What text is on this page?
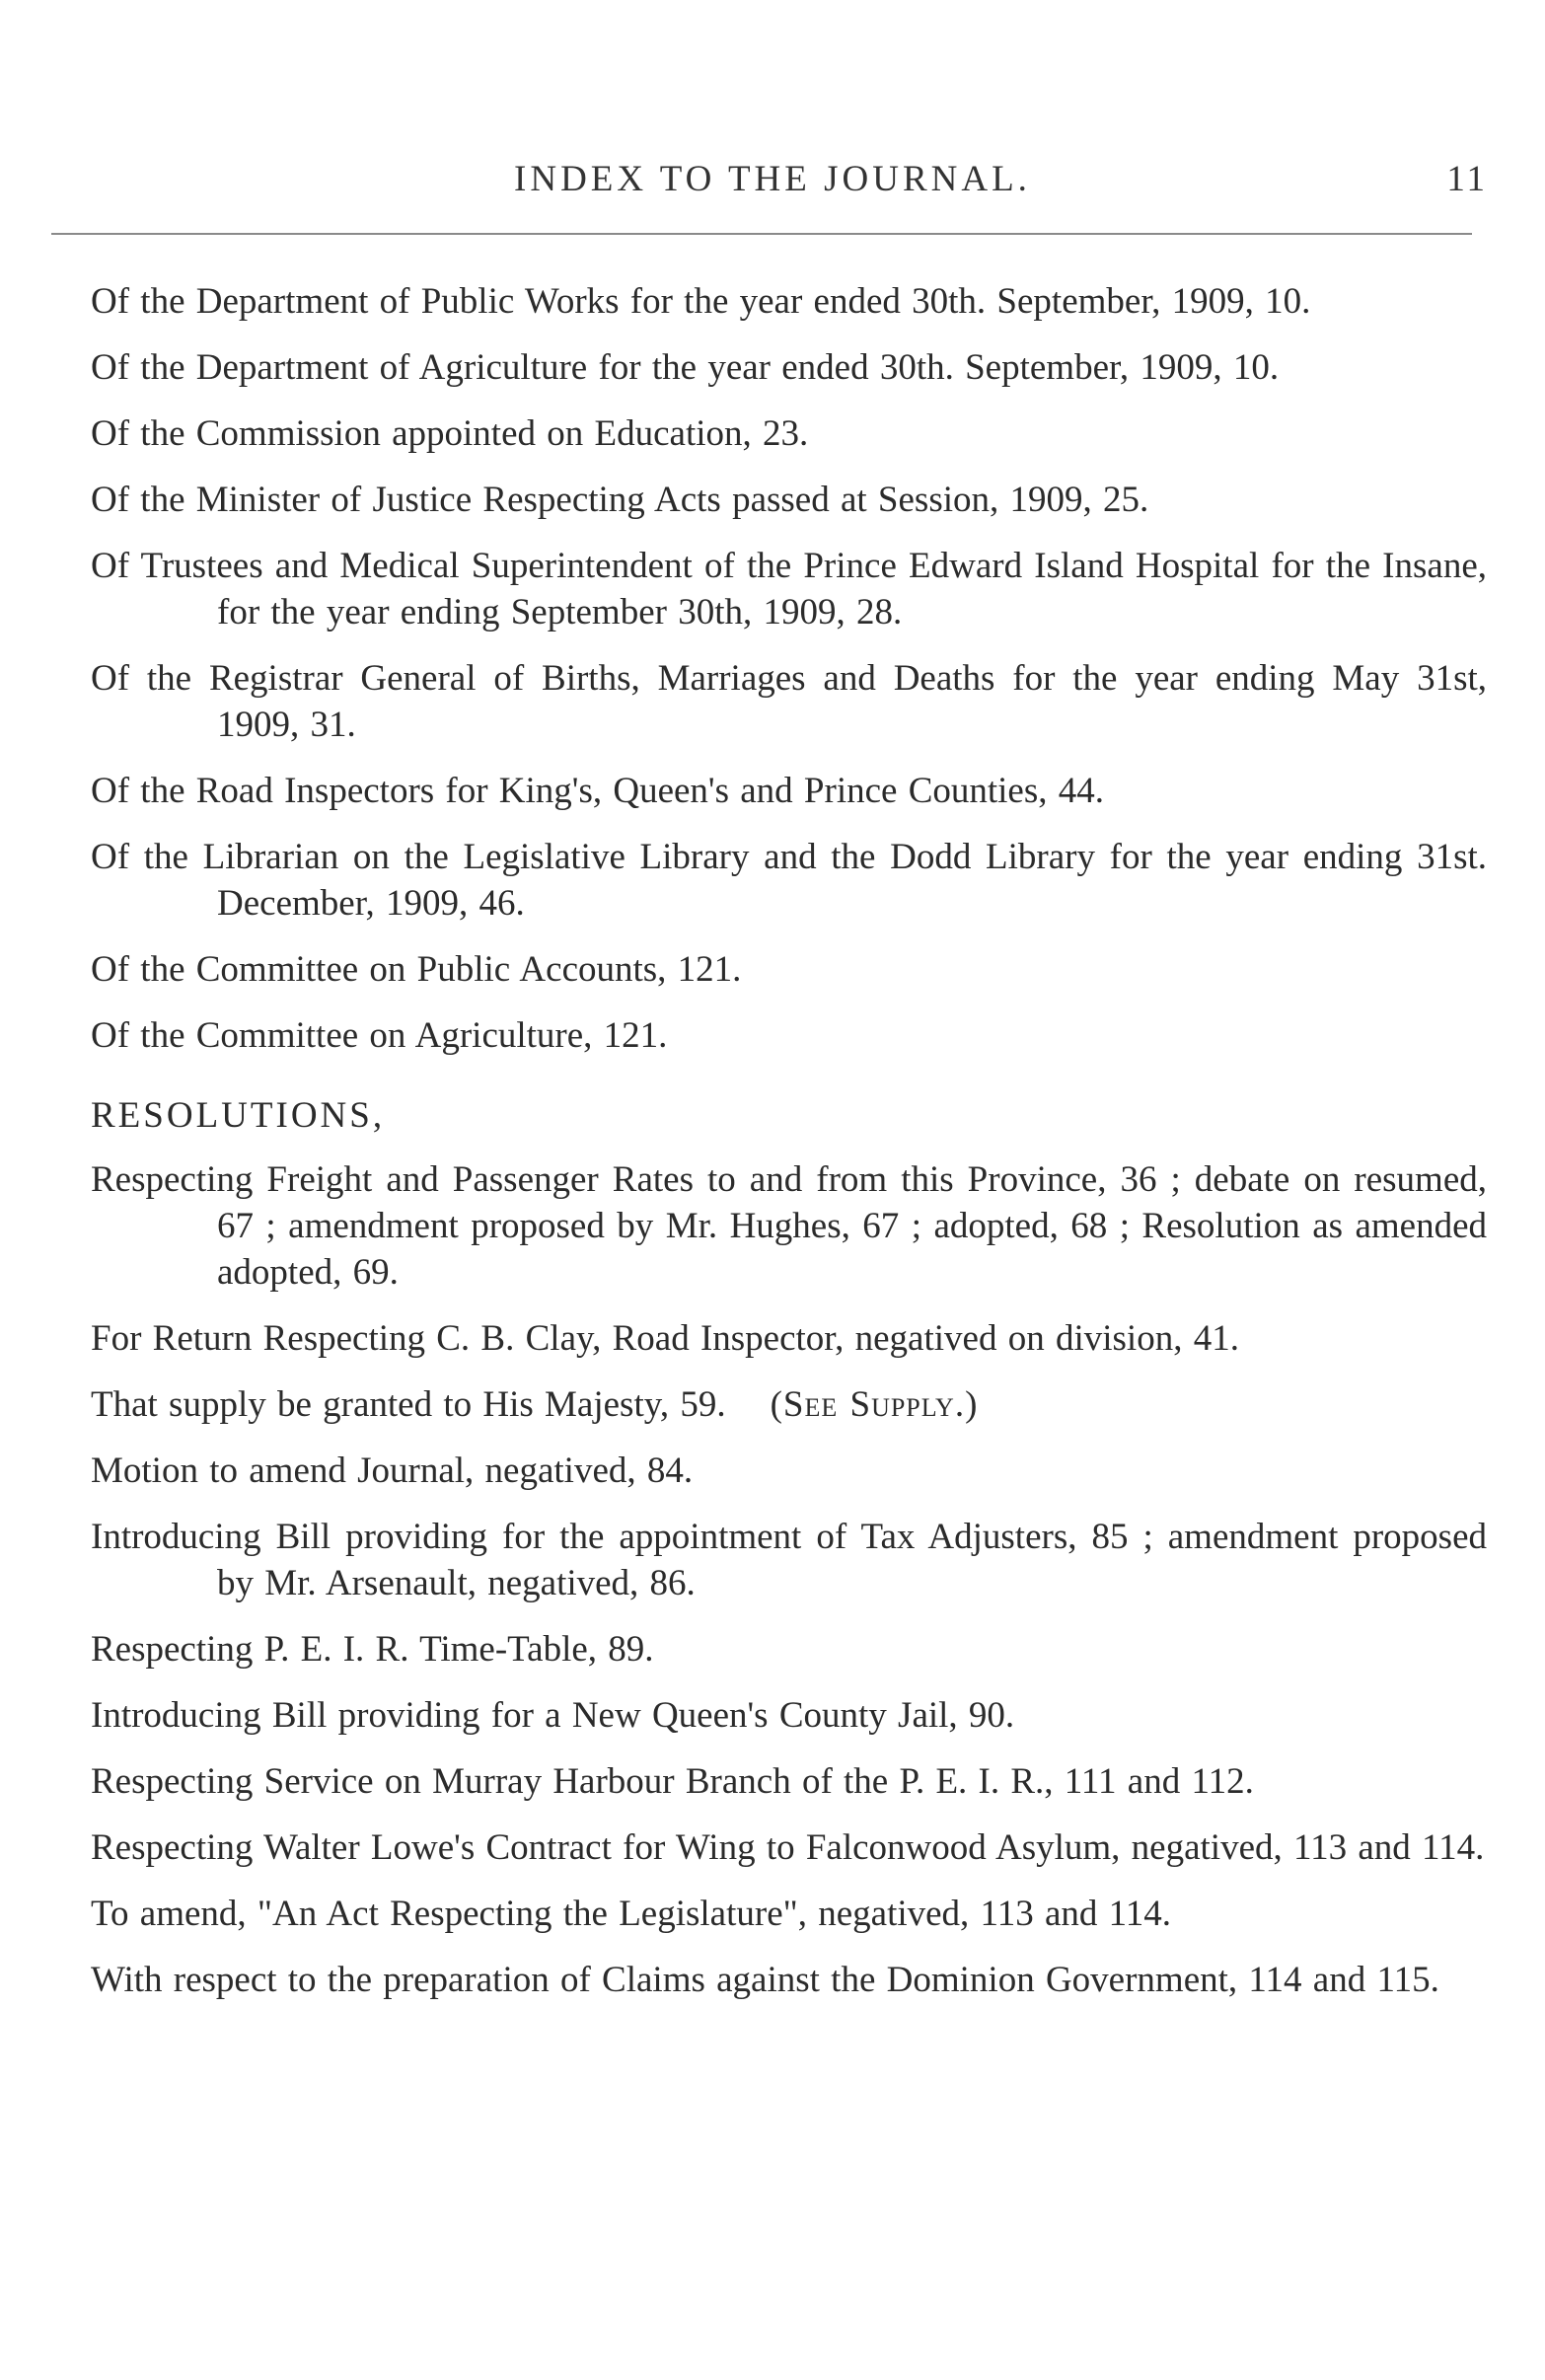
INDEX TO THE JOURNAL.	11
Of the Department of Public Works for the year ended 30th. September, 1909, 10.
Of the Department of Agriculture for the year ended 30th. September, 1909, 10.
Of the Commission appointed on Education, 23.
Of the Minister of Justice Respecting Acts passed at Session, 1909, 25.
Of Trustees and Medical Superintendent of the Prince Edward Island Hospital for the Insane, for the year ending September 30th, 1909, 28.
Of the Registrar General of Births, Marriages and Deaths for the year ending May 31st, 1909, 31.
Of the Road Inspectors for King's, Queen's and Prince Counties, 44.
Of the Librarian on the Legislative Library and the Dodd Library for the year ending 31st. December, 1909, 46.
Of the Committee on Public Accounts, 121.
Of the Committee on Agriculture, 121.
RESOLUTIONS,
Respecting Freight and Passenger Rates to and from this Province, 36 ; debate on resumed, 67 ; amendment proposed by Mr. Hughes, 67 ; adopted, 68 ; Resolution as amended adopted, 69.
For Return Respecting C. B. Clay, Road Inspector, negatived on division, 41.
That supply be granted to His Majesty, 59. (See Supply.)
Motion to amend Journal, negatived, 84.
Introducing Bill providing for the appointment of Tax Adjusters, 85 ; amendment proposed by Mr. Arsenault, negatived, 86.
Respecting P. E. I. R. Time-Table, 89.
Introducing Bill providing for a New Queen's County Jail, 90.
Respecting Service on Murray Harbour Branch of the P. E. I. R., 111 and 112.
Respecting Walter Lowe's Contract for Wing to Falconwood Asylum, negatived, 113 and 114.
To amend, "An Act Respecting the Legislature", negatived, 113 and 114.
With respect to the preparation of Claims against the Dominion Government, 114 and 115.
